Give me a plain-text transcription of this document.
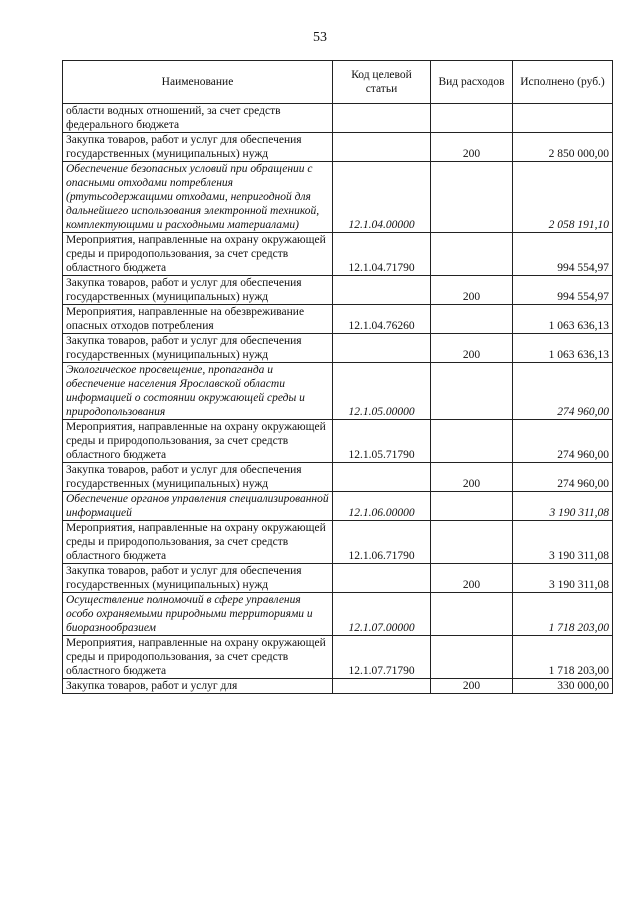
53
Наименование	Код целевой статьи	Вид расходов	Исполнено (руб.)
области водных отношений, за счет средств федерального бюджета			
Закупка товаров, работ и услуг для обеспечения государственных (муниципальных) нужд		200	2 850 000,00
Обеспечение безопасных условий при обращении с опасными отходами потребления (ртутьсодержащими отходами, непригодной для дальнейшего использования электронной техникой, комплектующими и расходными материалами)	12.1.04.00000		2 058 191,10
Мероприятия, направленные на охрану окружающей среды и природопользования, за счет средств областного бюджета	12.1.04.71790		994 554,97
Закупка товаров, работ и услуг для обеспечения государственных (муниципальных) нужд		200	994 554,97
Мероприятия, направленные на обезвреживание опасных отходов потребления	12.1.04.76260		1 063 636,13
Закупка товаров, работ и услуг для обеспечения государственных (муниципальных) нужд		200	1 063 636,13
Экологическое просвещение, пропаганда и обеспечение населения Ярославской области информацией о состоянии окружающей среды и природопользования	12.1.05.00000		274 960,00
Мероприятия, направленные на охрану окружающей среды и природопользования, за счет средств областного бюджета	12.1.05.71790		274 960,00
Закупка товаров, работ и услуг для обеспечения государственных (муниципальных) нужд		200	274 960,00
Обеспечение органов управления специализированной информацией	12.1.06.00000		3 190 311,08
Мероприятия, направленные на охрану окружающей среды и природопользования, за счет средств областного бюджета	12.1.06.71790		3 190 311,08
Закупка товаров, работ и услуг для обеспечения государственных (муниципальных) нужд		200	3 190 311,08
Осуществление полномочий в сфере управления особо охраняемыми природными территориями и биоразнообразием	12.1.07.00000		1 718 203,00
Мероприятия, направленные на охрану окружающей среды и природопользования, за счет средств областного бюджета	12.1.07.71790		1 718 203,00
Закупка товаров, работ и услуг для		200	330 000,00
